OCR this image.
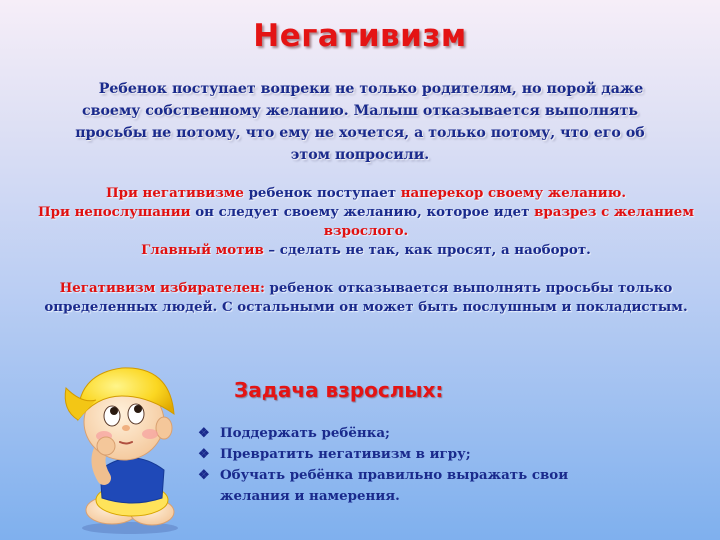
Негативизм
Ребенок поступает вопреки не только родителям, но порой даже своему собственному желанию. Малыш отказывается выполнять просьбы не потому, что ему не хочется, а только потому, что его об этом попросили.
При негативизме ребенок поступает наперекор своему желанию.
При непослушании он следует своему желанию, которое идет вразрез с желанием взрослого.
Главный мотив – сделать не так, как просят, а наоборот.
Негативизм избирателен: ребенок отказывается выполнять просьбы только определенных людей. С остальными он может быть послушным и покладистым.
Задача взрослых:
❖ Поддержать ребёнка;
❖ Превратить негативизм в игру;
❖ Обучать ребёнка правильно выражать свои желания и намерения.
